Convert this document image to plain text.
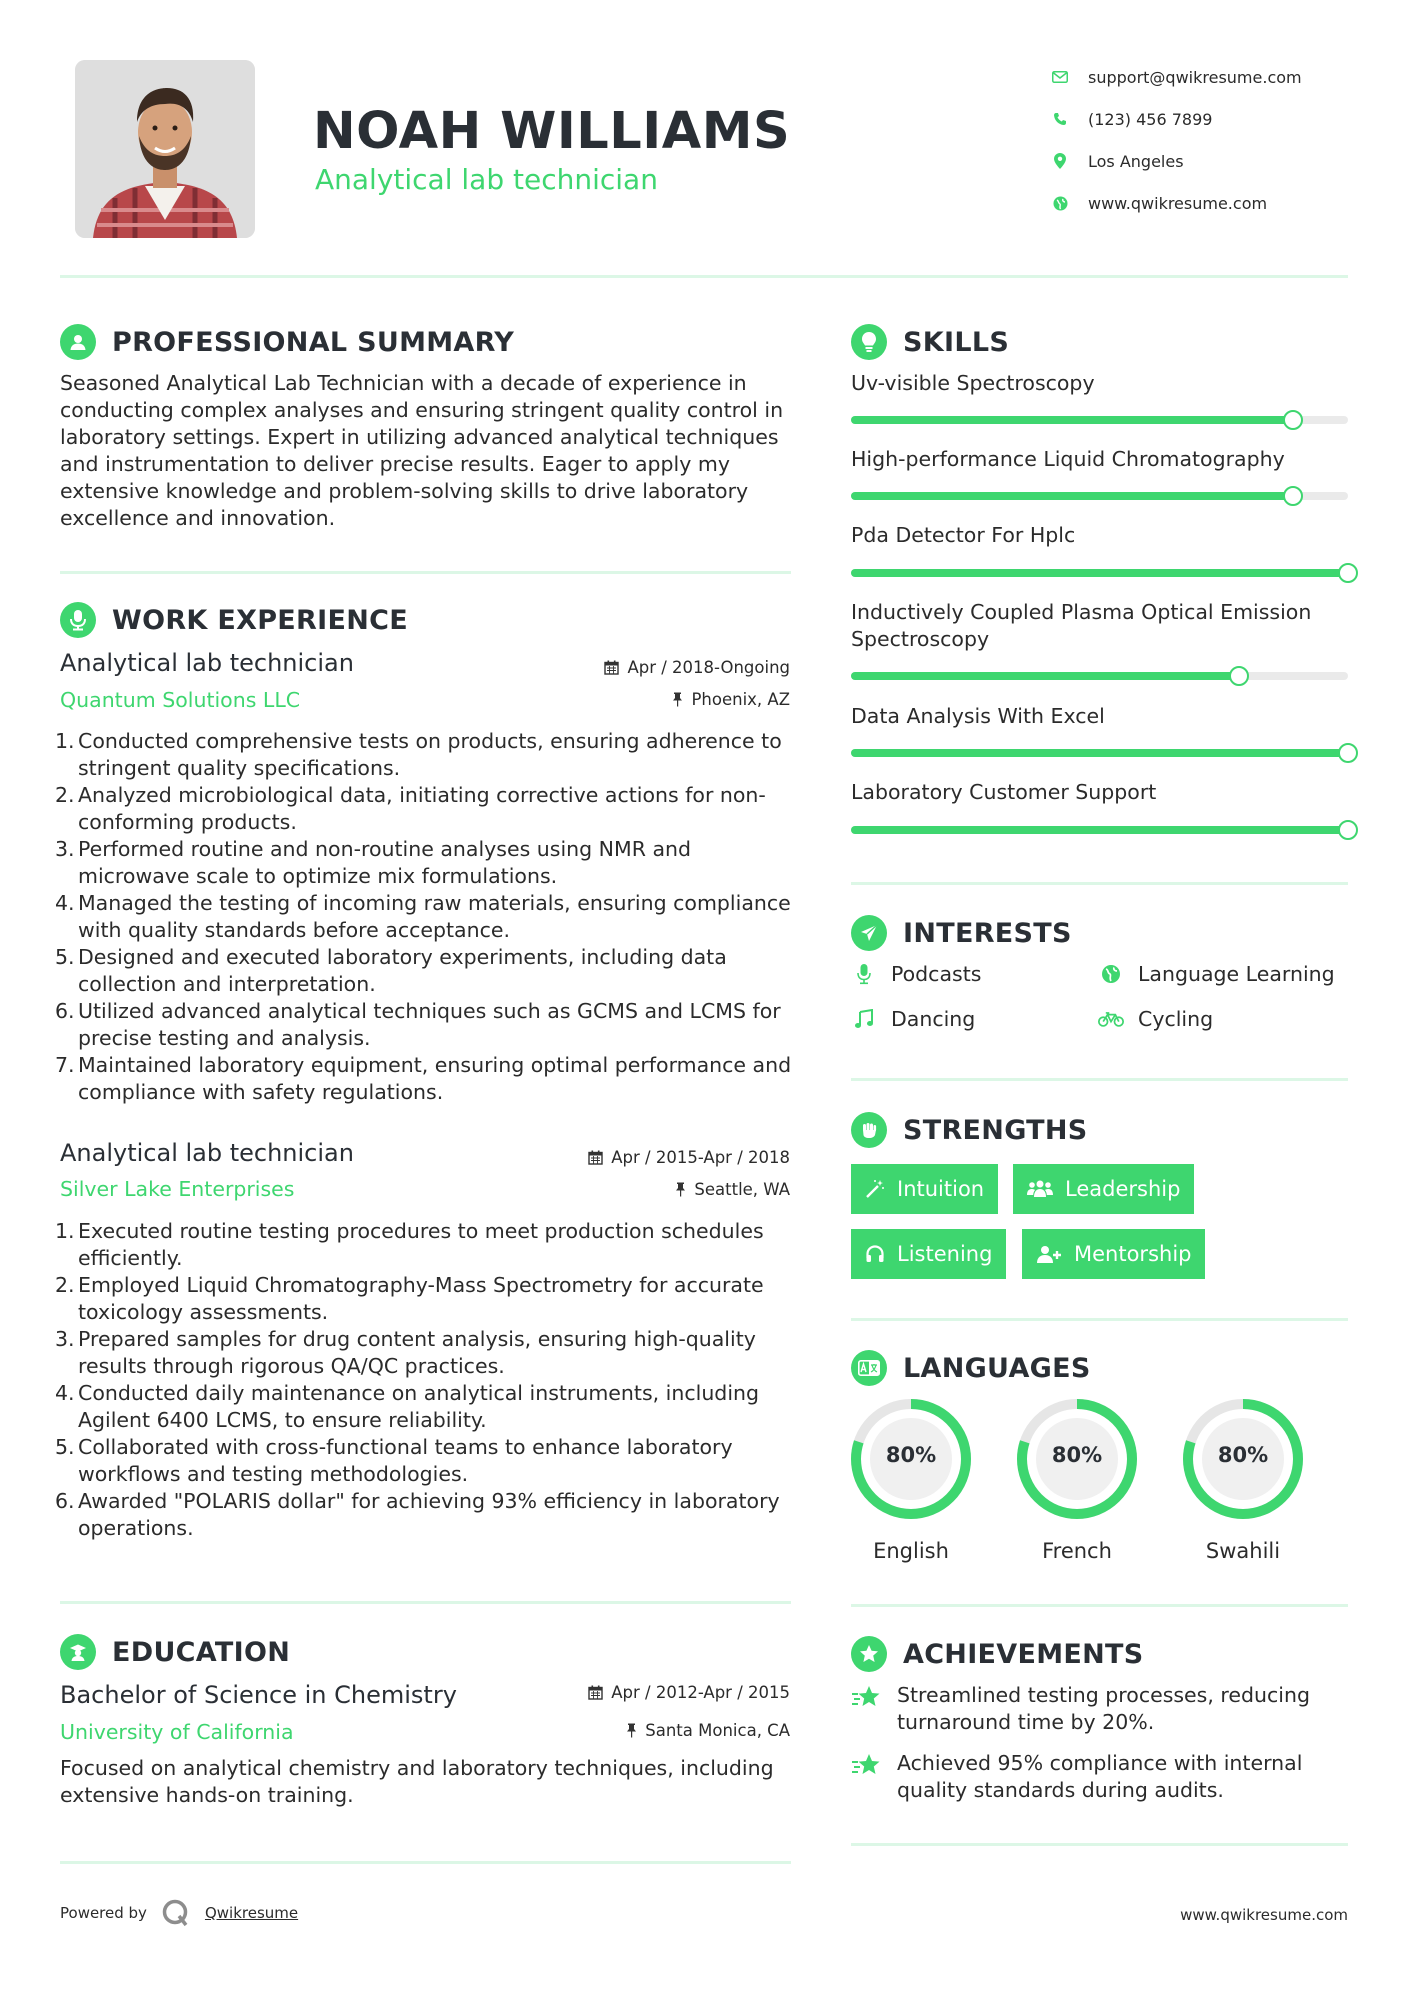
NOAH WILLIAMS
Analytical lab technician
support@qwikresume.com
(123) 456 7899
Los Angeles
www.qwikresume.com
PROFESSIONAL SUMMARY
Seasoned Analytical Lab Technician with a decade of experience in conducting complex analyses and ensuring stringent quality control in laboratory settings. Expert in utilizing advanced analytical techniques and instrumentation to deliver precise results. Eager to apply my extensive knowledge and problem-solving skills to drive laboratory excellence and innovation.
WORK EXPERIENCE
Analytical lab technician
Quantum Solutions LLC
Apr / 2018-Ongoing
Phoenix, AZ
1. Conducted comprehensive tests on products, ensuring adherence to stringent quality specifications.
2. Analyzed microbiological data, initiating corrective actions for non-conforming products.
3. Performed routine and non-routine analyses using NMR and microwave scale to optimize mix formulations.
4. Managed the testing of incoming raw materials, ensuring compliance with quality standards before acceptance.
5. Designed and executed laboratory experiments, including data collection and interpretation.
6. Utilized advanced analytical techniques such as GCMS and LCMS for precise testing and analysis.
7. Maintained laboratory equipment, ensuring optimal performance and compliance with safety regulations.
Analytical lab technician
Silver Lake Enterprises
Apr / 2015-Apr / 2018
Seattle, WA
1. Executed routine testing procedures to meet production schedules efficiently.
2. Employed Liquid Chromatography-Mass Spectrometry for accurate toxicology assessments.
3. Prepared samples for drug content analysis, ensuring high-quality results through rigorous QA/QC practices.
4. Conducted daily maintenance on analytical instruments, including Agilent 6400 LCMS, to ensure reliability.
5. Collaborated with cross-functional teams to enhance laboratory workflows and testing methodologies.
6. Awarded "POLARIS dollar" for achieving 93% efficiency in laboratory operations.
EDUCATION
Bachelor of Science in Chemistry
University of California
Apr / 2012-Apr / 2015
Santa Monica, CA
Focused on analytical chemistry and laboratory techniques, including extensive hands-on training.
SKILLS
Uv-visible Spectroscopy
High-performance Liquid Chromatography
Pda Detector For Hplc
Inductively Coupled Plasma Optical Emission Spectroscopy
Data Analysis With Excel
Laboratory Customer Support
INTERESTS
Podcasts	Language Learning
Dancing	Cycling
STRENGTHS
Intuition	Leadership
Listening	Mentorship
LANGUAGES
80%
English
80%
French
80%
Swahili
ACHIEVEMENTS
Streamlined testing processes, reducing turnaround time by 20%.
Achieved 95% compliance with internal quality standards during audits.
Powered by	Qwikresume	www.qwikresume.com
